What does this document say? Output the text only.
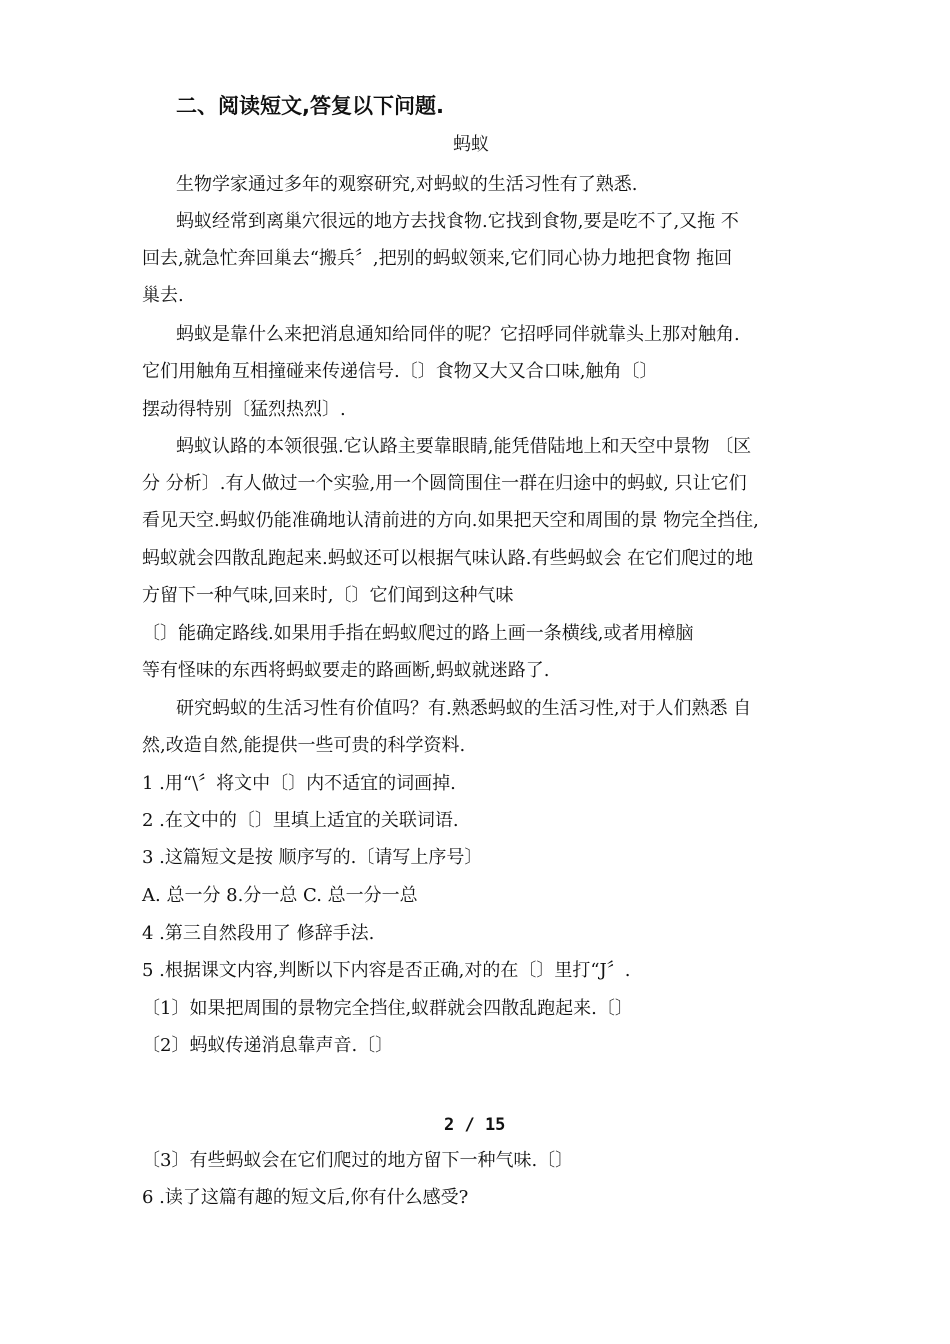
二、阅读短文,答复以下问题.
蚂蚁
生物学家通过多年的观察研究,对蚂蚁的生活习性有了熟悉.
蚂蚁经常到离巢穴很远的地方去找食物.它找到食物,要是吃不了,又拖 不
回去,就急忙奔回巢去“搬兵〞,把别的蚂蚁领来,它们同心协力地把食物 拖回
巢去.
蚂蚁是靠什么来把消息通知给同伴的呢？它招呼同伴就靠头上那对触角.
它们用触角互相撞碰来传递信号.〔〕食物又大又合口味,触角〔〕
摆动得特别〔猛烈热烈〕.
蚂蚁认路的本领很强.它认路主要靠眼睛,能凭借陆地上和天空中景物 〔区
分 分析〕.有人做过一个实验,用一个圆筒围住一群在归途中的蚂蚁, 只让它们
看见天空.蚂蚁仍能准确地认清前进的方向.如果把天空和周围的景 物完全挡住,
蚂蚁就会四散乱跑起来.蚂蚁还可以根据气味认路.有些蚂蚁会 在它们爬过的地
方留下一种气味,回来时,〔〕它们闻到这种气味
〔〕能确定路线.如果用手指在蚂蚁爬过的路上画一条横线,或者用樟脑
等有怪味的东西将蚂蚁要走的路画断,蚂蚁就迷路了.
研究蚂蚁的生活习性有价值吗？有.熟悉蚂蚁的生活习性,对于人们熟悉 自
然,改造自然,能提供一些可贵的科学资料.
1 .用“\〞将文中〔〕内不适宜的词画掉.
2 .在文中的〔〕里填上适宜的关联词语.
3 .这篇短文是按 顺序写的.〔请写上序号〕
A. 总一分 8.分一总 C. 总一分一总
4 .第三自然段用了 修辞手法.
5 .根据课文内容,判断以下内容是否正确,对的在〔〕里打“J〞.
〔1〕如果把周围的景物完全挡住,蚁群就会四散乱跑起来.〔〕
〔2〕蚂蚁传递消息靠声音.〔〕
2 / 15
〔3〕有些蚂蚁会在它们爬过的地方留下一种气味.〔〕
6 .读了这篇有趣的短文后,你有什么感受?
